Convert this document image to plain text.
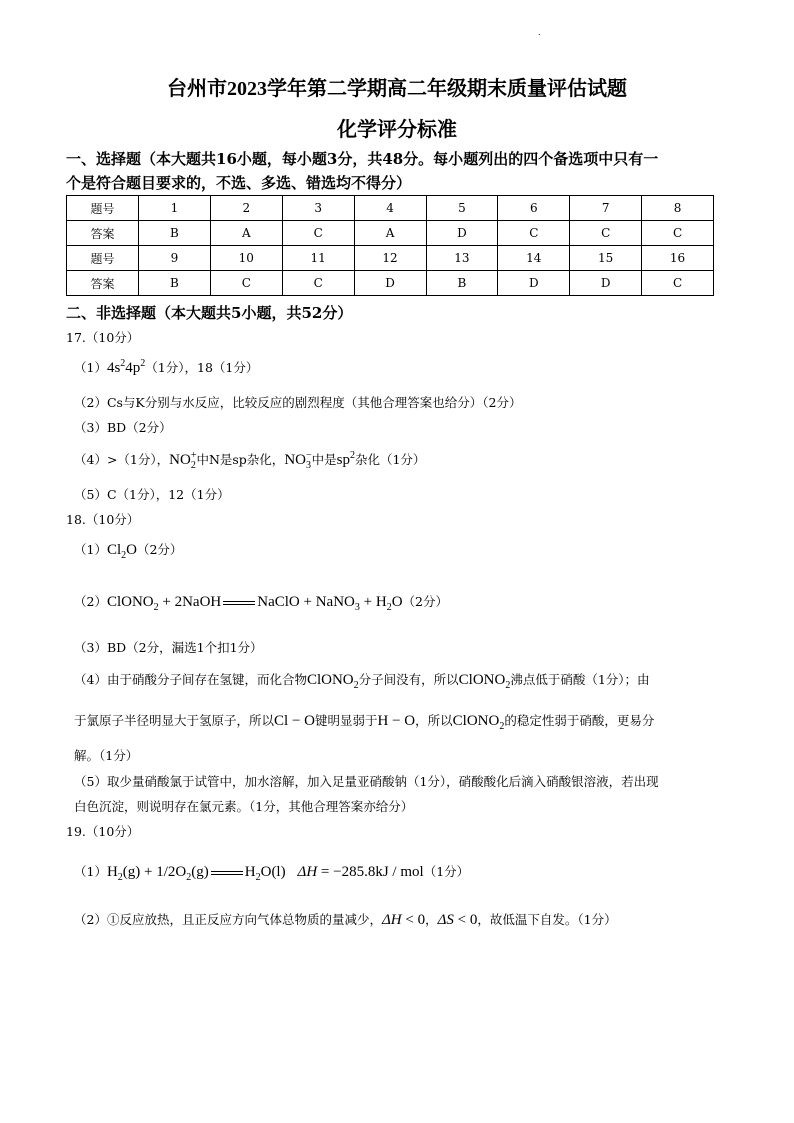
.
台州市2023学年第二学期高二年级期末质量评估试题
化学评分标准
一、选择题（本大题共16小题，每小题3分，共48分。每小题列出的四个备选项中只有一
个是符合题目要求的，不选、多选、错选均不得分）
题号	1	2	3	4	5	6	7	8
答案	B	A	C	A	D	C	C	C
题号	9	10	11	12	13	14	15	16
答案	B	C	C	D	B	D	D	C
二、非选择题（本大题共5小题，共52分）
17.（10分）
$(1)4s^24p^2(1$分），18（1分）
（2）Cs与K分别与水反应，比较反应的剧烈程度（其他合理答案也给分）（2分）
（3）BD（2分）
（4）>（1分），$NO_2^+$中N是sp杂化，$NO_3^-$中是$sp^2$杂化（1分）
（5）C（1分），12（1分）
18.（10分）
$(1)Cl_2O(2$分）
（2）ClONO$_2$ + 2NaOH NaClO + NaNO$_3$ + $H_2O(2$分）
（3）BD（2分，漏选1个扣1分）
（4）由于硝酸分子间存在氢键，而化合物ClONO$_2$分子间没有，所以ClONO$_2$沸点低于硝酸（1分）；由
于氯原子半径明显大于氢原子，所以Cl − O键明显弱于H − O，所以ClONO$_2$的稳定性弱于硝酸，更易分
解。（1分）
（5）取少量硝酸氯于试管中，加水溶解，加入足量亚硝酸钠（1分），硝酸酸化后滴入硝酸银溶液，若出现
白色沉淀，则说明存在氯元素。（1分，其他合理答案亦给分）
19.（10分）
$(1)H_2(g) + 1/2O_2(g)$ $H_2O(l) \Delta H = -285.8kJ / mol(1$分）
（2）①反应放热，且正反应方向气体总物质的量减少，ΔH < 0，ΔS < 0，故低温下自发。（1分）
